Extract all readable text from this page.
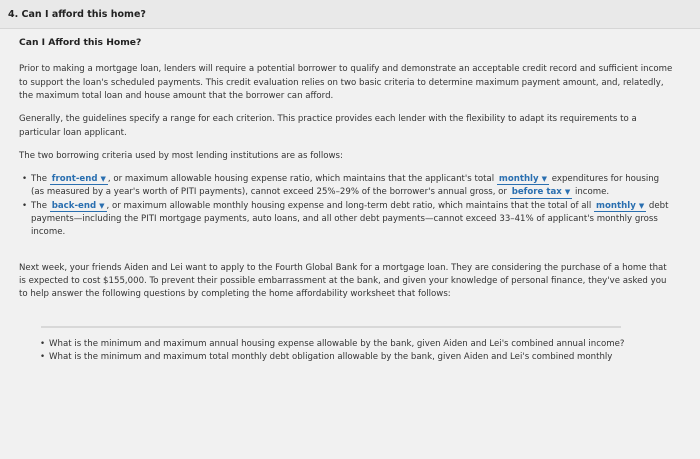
4. Can I afford this home?
Can I Afford this Home?

Prior to making a mortgage loan, lenders will require a potential borrower to qualify and demonstrate an acceptable credit record and sufficient income to support the loan's scheduled payments. This credit evaluation relies on two basic criteria to determine maximum payment amount, and, relatedly, the maximum total loan and house amount that the borrower can afford.

Generally, the guidelines specify a range for each criterion. This practice provides each lender with the flexibility to adapt its requirements to a particular loan applicant.

The two borrowing criteria used by most lending institutions are as follows:

• The front-end ▼ , or maximum allowable housing expense ratio, which maintains that the applicant's total monthly ▼ expenditures for housing (as measured by a year's worth of PITI payments), cannot exceed 25%–29% of the borrower's annual gross, or before tax ▼ income.
• The back-end ▼ , or maximum allowable monthly housing expense and long-term debt ratio, which maintains that the total of all monthly ▼ debt payments—including the PITI mortgage payments, auto loans, and all other debt payments—cannot exceed 33–41% of applicant's monthly gross income.

Next week, your friends Aiden and Lei want to apply to the Fourth Global Bank for a mortgage loan. They are considering the purchase of a home that is expected to cost $155,000. To prevent their possible embarrassment at the bank, and given your knowledge of personal finance, they've asked you to help answer the following questions by completing the home affordability worksheet that follows:

• What is the minimum and maximum annual housing expense allowable by the bank, given Aiden and Lei's combined annual income?
• What is the minimum and maximum total monthly debt obligation allowable by the bank, given Aiden and Lei's combined monthly
